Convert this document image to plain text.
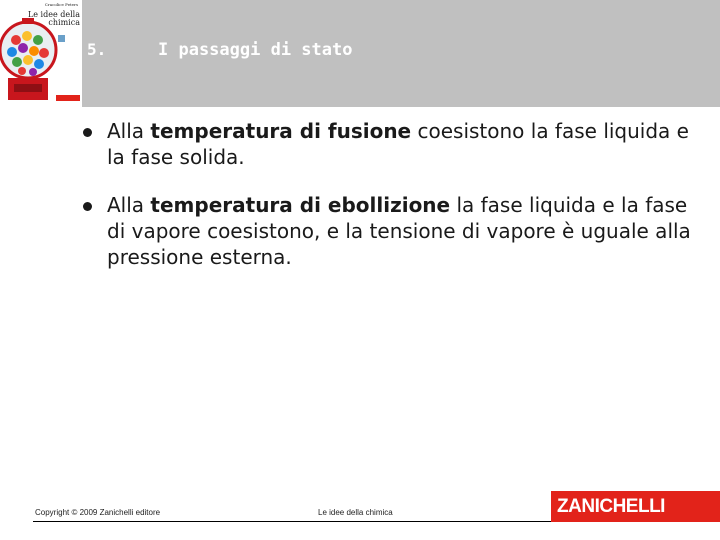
Cracolice Peters
Le idee della
chimica
5.	I passaggi di stato
Alla temperatura di fusione coesistono la fase liquida e la fase solida.
Alla temperatura di ebollizione la fase liquida e la fase di vapore coesistono, e la tensione di vapore è uguale alla pressione esterna.
Copyright © 2009 Zanichelli editore	Le idee della chimica	ZANICHELLI
